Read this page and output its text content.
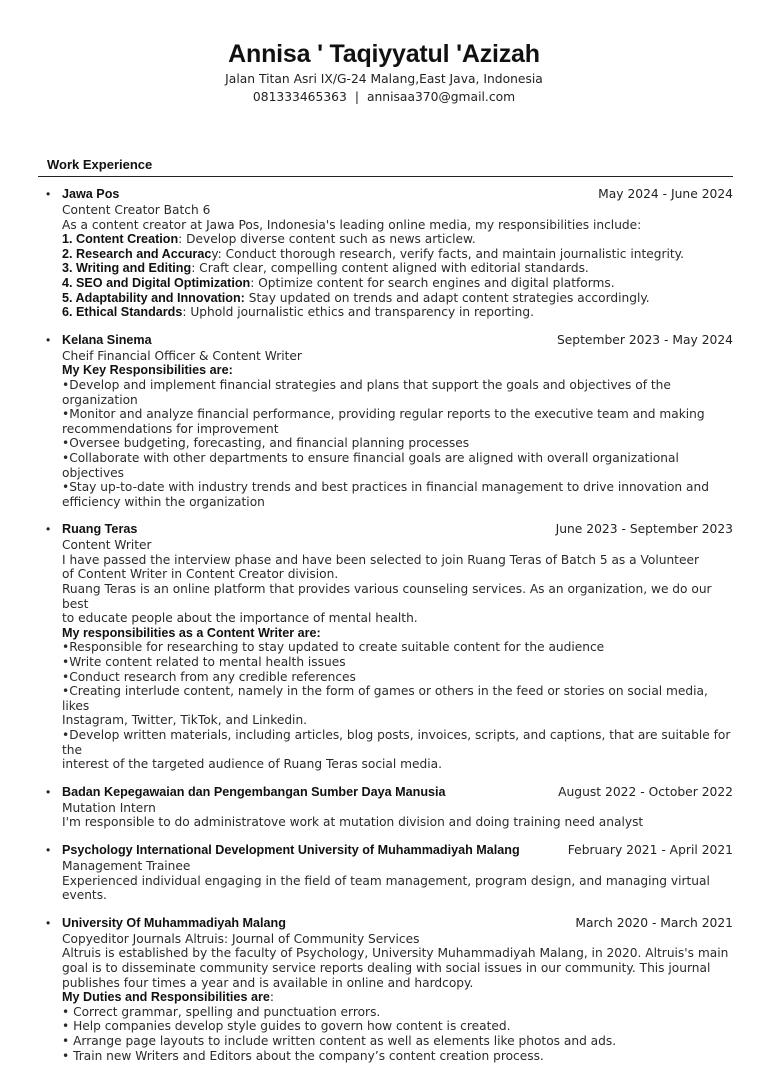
Annisa ' Taqiyyatul 'Azizah
Jalan Titan Asri IX/G-24 Malang,East Java, Indonesia
081333465363 | annisaa370@gmail.com
Work Experience
• Jawa Pos	May 2024 - June 2024
Content Creator Batch 6
As a content creator at Jawa Pos, Indonesia's leading online media, my responsibilities include:
1. Content Creation: Develop diverse content such as news articlew.
2. Research and Accuracy: Conduct thorough research, verify facts, and maintain journalistic integrity.
3. Writing and Editing: Craft clear, compelling content aligned with editorial standards.
4. SEO and Digital Optimization: Optimize content for search engines and digital platforms.
5. Adaptability and Innovation: Stay updated on trends and adapt content strategies accordingly.
6. Ethical Standards: Uphold journalistic ethics and transparency in reporting.
• Kelana Sinema	September 2023 - May 2024
Cheif Financial Officer & Content Writer
My Key Responsibilities are:
•Develop and implement financial strategies and plans that support the goals and objectives of the organization
•Monitor and analyze financial performance, providing regular reports to the executive team and making
recommendations for improvement
•Oversee budgeting, forecasting, and financial planning processes
•Collaborate with other departments to ensure financial goals are aligned with overall organizational objectives
•Stay up-to-date with industry trends and best practices in financial management to drive innovation and
efficiency within the organization
• Ruang Teras	June 2023 - September 2023
Content Writer
I have passed the interview phase and have been selected to join Ruang Teras of Batch 5 as a Volunteer
of Content Writer in Content Creator division.
Ruang Teras is an online platform that provides various counseling services. As an organization, we do our best
to educate people about the importance of mental health.
My responsibilities as a Content Writer are:
•Responsible for researching to stay updated to create suitable content for the audience
•Write content related to mental health issues
•Conduct research from any credible references
•Creating interlude content, namely in the form of games or others in the feed or stories on social media, likes
Instagram, Twitter, TikTok, and Linkedin.
•Develop written materials, including articles, blog posts, invoices, scripts, and captions, that are suitable for the
interest of the targeted audience of Ruang Teras social media.
• Badan Kepegawaian dan Pengembangan Sumber Daya Manusia	August 2022 - October 2022
Mutation Intern
I'm responsible to do administratove work at mutation division and doing training need analyst
• Psychology International Development University of Muhammadiyah Malang	February 2021 - April 2021
Management Trainee
Experienced individual engaging in the field of team management, program design, and managing virtual
events.
• University Of Muhammadiyah Malang	March 2020 - March 2021
Copyeditor Journals Altruis: Journal of Community Services
Altruis is established by the faculty of Psychology, University Muhammadiyah Malang, in 2020. Altruis's main
goal is to disseminate community service reports dealing with social issues in our community. This journal
publishes four times a year and is available in online and hardcopy.
My Duties and Responsibilities are:
• Correct grammar, spelling and punctuation errors.
• Help companies develop style guides to govern how content is created.
• Arrange page layouts to include written content as well as elements like photos and ads.
• Train new Writers and Editors about the company’s content creation process.
